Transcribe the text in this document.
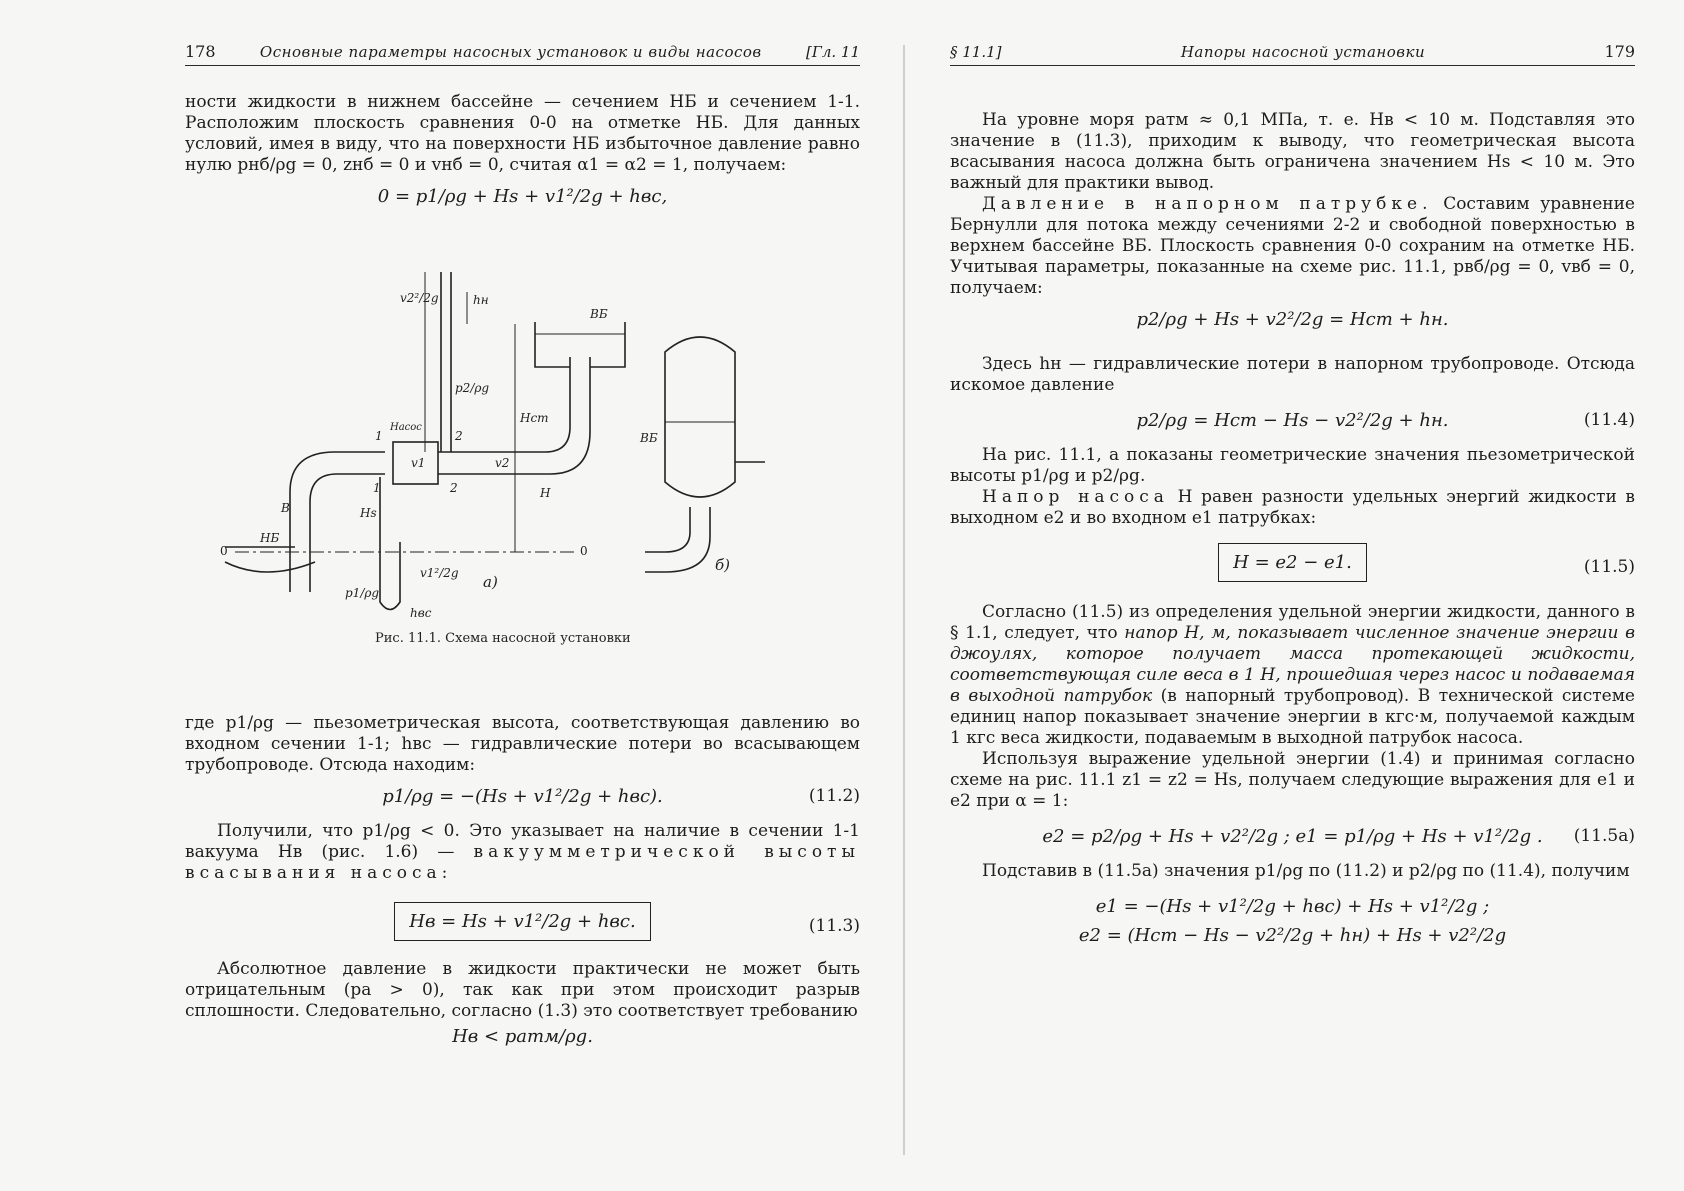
178	Основные параметры насосных установок и виды насосов	[Гл. 11

ности жидкости в нижнем бассейне — сечением НБ и сечением 1-1. Расположим плоскость сравнения 0-0 на отметке НБ. Для данных условий, имея в виду, что на поверхности НБ избыточное давление равно нулю pнб/ρg = 0, zнб = 0 и vнб = 0, считая α1 = α2 = 1, получаем:

0 = p1/ρg + Hs + v1²/2g + hвс,
v2²/2g	hн
ВБ
p2/ρg
Hст
Насос
v1	v2
Н
1	2
1	2
В	Hs
НБ
0	0
p1/ρg
v1²/2g
hвс
а)
ВБ
б)
Рис. 11.1. Схема насосной установки

где p1/ρg — пьезометрическая высота, соответствующая давлению во входном сечении 1-1; hвс — гидравлические потери во всасывающем трубопроводе. Отсюда находим:

p1/ρg = −(Hs + v1²/2g + hвс).	(11.2)

Получили, что p1/ρg < 0. Это указывает на наличие в сечении 1-1 вакуума Hв (рис. 1.6) — вакуумметрической высоты всасывания насоса:

Hв = Hs + v1²/2g + hвс.	(11.3)

Абсолютное давление в жидкости практически не может быть отрицательным (pа > 0), так как при этом происходит разрыв сплошности. Следовательно, согласно (1.3) это соответствует требованию

Hв < pатм/ρg.
§ 11.1]	Напоры насосной установки	179

На уровне моря pатм ≈ 0,1 МПа, т. е. Hв < 10 м. Подставляя это значение в (11.3), приходим к выводу, что геометрическая высота всасывания насоса должна быть ограничена значением Hs < 10 м. Это важный для практики вывод.

Давление в напорном патрубке. Составим уравнение Бернулли для потока между сечениями 2-2 и свободной поверхностью в верхнем бассейне ВБ. Плоскость сравнения 0-0 сохраним на отметке НБ. Учитывая параметры, показанные на схеме рис. 11.1, pвб/ρg = 0, vвб = 0, получаем:

p2/ρg + Hs + v2²/2g = Hст + hн.

Здесь hн — гидравлические потери в напорном трубопроводе. Отсюда искомое давление

p2/ρg = Hст − Hs − v2²/2g + hн.	(11.4)

На рис. 11.1, а показаны геометрические значения пьезометрической высоты p1/ρg и p2/ρg.

Напор насоса H равен разности удельных энергий жидкости в выходном e2 и во входном e1 патрубках:

H = e2 − e1.	(11.5)

Согласно (11.5) из определения удельной энергии жидкости, данного в § 1.1, следует, что напор H, м, показывает численное значение энергии в джоулях, которое получает масса протекающей жидкости, соответствующая силе веса в 1 Н, прошедшая через насос и подаваемая в выходной патрубок (в напорный трубопровод). В технической системе единиц напор показывает значение энергии в кгс·м, получаемой каждым 1 кгс веса жидкости, подаваемым в выходной патрубок насоса.

Используя выражение удельной энергии (1.4) и принимая согласно схеме на рис. 11.1 z1 = z2 = Hs, получаем следующие выражения для e1 и e2 при α = 1:

e2 = p2/ρg + Hs + v2²/2g ; e1 = p1/ρg + Hs + v1²/2g . (11.5а)

Подставив в (11.5а) значения p1/ρg по (11.2) и p2/ρg по (11.4), получим

e1 = −(Hs + v1²/2g + hвс) + Hs + v1²/2g ;
e2 = (Hст − Hs − v2²/2g + hн) + Hs + v2²/2g
